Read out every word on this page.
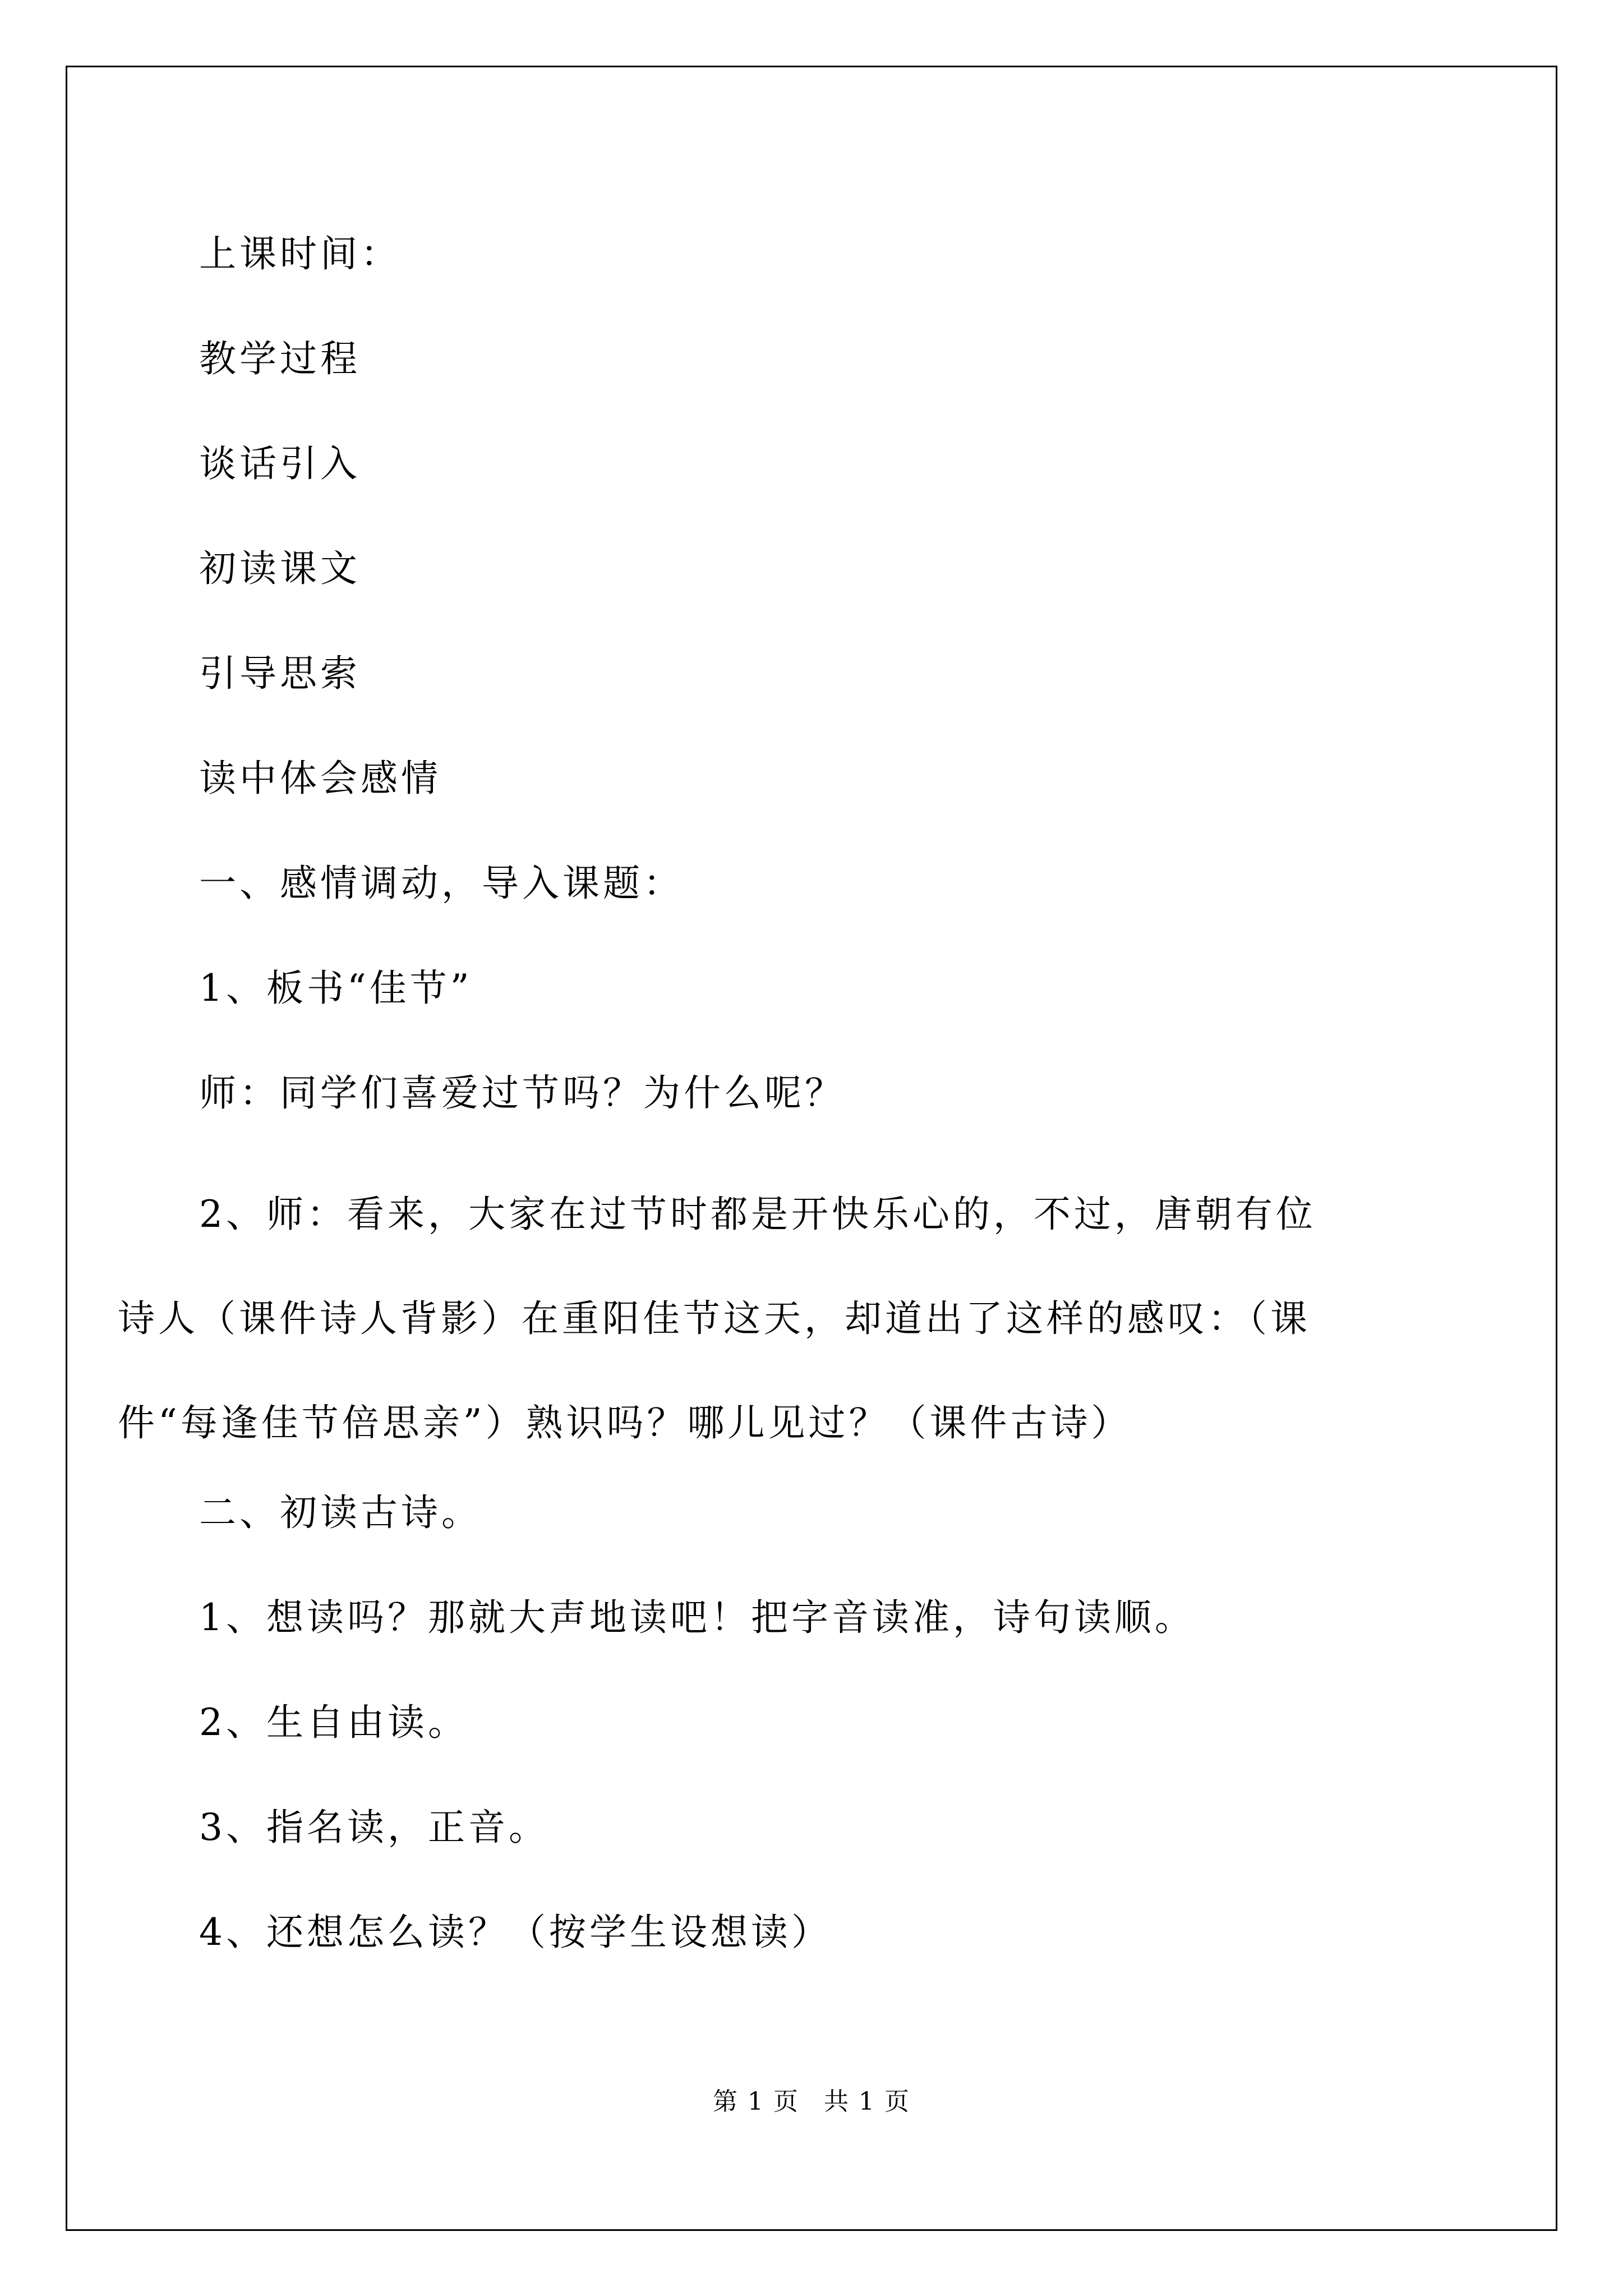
上课时间：
教学过程
谈话引入
初读课文
引导思索
读中体会感情
一、感情调动，导入课题：
1、板书“佳节”
师：同学们喜爱过节吗？为什么呢？
2、师：看来，大家在过节时都是开快乐心的，不过，唐朝有位诗人（课件诗人背影）在重阳佳节这天，却道出了这样的感叹：（课件“每逢佳节倍思亲”）熟识吗？哪儿见过？（课件古诗）
二、初读古诗。
1、想读吗？那就大声地读吧！把字音读准，诗句读顺。
2、生自由读。
3、指名读，正音。
4、还想怎么读？（按学生设想读）
第 1 页 共 1 页
